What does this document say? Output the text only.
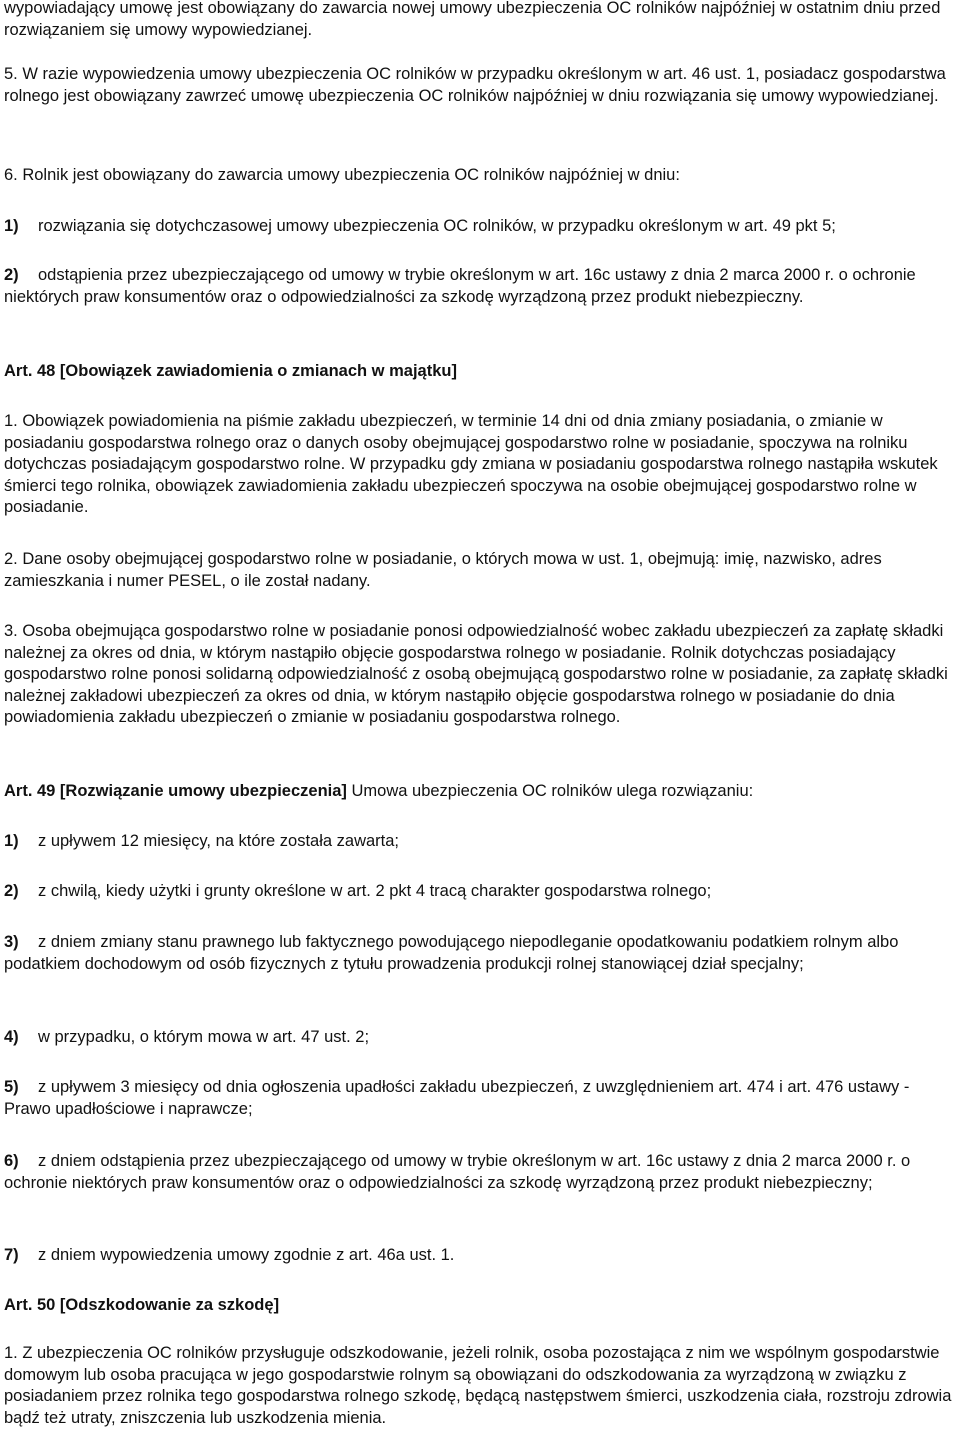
wypowiadający umowę jest obowiązany do zawarcia nowej umowy ubezpieczenia OC rolników najpóźniej w ostatnim dniu przed rozwiązaniem się umowy wypowiedzianej.

5. W razie wypowiedzenia umowy ubezpieczenia OC rolników w przypadku określonym w art. 46 ust. 1, posiadacz gospodarstwa rolnego jest obowiązany zawrzeć umowę ubezpieczenia OC rolników najpóźniej w dniu rozwiązania się umowy wypowiedzianej.

6. Rolnik jest obowiązany do zawarcia umowy ubezpieczenia OC rolników najpóźniej w dniu:

1) rozwiązania się dotychczasowej umowy ubezpieczenia OC rolników, w przypadku określonym w art. 49 pkt 5;

2) odstąpienia przez ubezpieczającego od umowy w trybie określonym w art. 16c ustawy z dnia 2 marca 2000 r. o ochronie niektórych praw konsumentów oraz o odpowiedzialności za szkodę wyrządzoną przez produkt niebezpieczny.

Art. 48 [Obowiązek zawiadomienia o zmianach w majątku]

1. Obowiązek powiadomienia na piśmie zakładu ubezpieczeń, w terminie 14 dni od dnia zmiany posiadania, o zmianie w posiadaniu gospodarstwa rolnego oraz o danych osoby obejmującej gospodarstwo rolne w posiadanie, spoczywa na rolniku dotychczas posiadającym gospodarstwo rolne. W przypadku gdy zmiana w posiadaniu gospodarstwa rolnego nastąpiła wskutek śmierci tego rolnika, obowiązek zawiadomienia zakładu ubezpieczeń spoczywa na osobie obejmującej gospodarstwo rolne w posiadanie.

2. Dane osoby obejmującej gospodarstwo rolne w posiadanie, o których mowa w ust. 1, obejmują: imię, nazwisko, adres zamieszkania i numer PESEL, o ile został nadany.

3. Osoba obejmująca gospodarstwo rolne w posiadanie ponosi odpowiedzialność wobec zakładu ubezpieczeń za zapłatę składki należnej za okres od dnia, w którym nastąpiło objęcie gospodarstwa rolnego w posiadanie. Rolnik dotychczas posiadający gospodarstwo rolne ponosi solidarną odpowiedzialność z osobą obejmującą gospodarstwo rolne w posiadanie, za zapłatę składki należnej zakładowi ubezpieczeń za okres od dnia, w którym nastąpiło objęcie gospodarstwa rolnego w posiadanie do dnia powiadomienia zakładu ubezpieczeń o zmianie w posiadaniu gospodarstwa rolnego.

Art. 49 [Rozwiązanie umowy ubezpieczenia] Umowa ubezpieczenia OC rolników ulega rozwiązaniu:

1) z upływem 12 miesięcy, na które została zawarta;

2) z chwilą, kiedy użytki i grunty określone w art. 2 pkt 4 tracą charakter gospodarstwa rolnego;

3) z dniem zmiany stanu prawnego lub faktycznego powodującego niepodleganie opodatkowaniu podatkiem rolnym albo podatkiem dochodowym od osób fizycznych z tytułu prowadzenia produkcji rolnej stanowiącej dział specjalny;

4) w przypadku, o którym mowa w art. 47 ust. 2;

5) z upływem 3 miesięcy od dnia ogłoszenia upadłości zakładu ubezpieczeń, z uwzględnieniem art. 474 i art. 476 ustawy - Prawo upadłościowe i naprawcze;

6) z dniem odstąpienia przez ubezpieczającego od umowy w trybie określonym w art. 16c ustawy z dnia 2 marca 2000 r. o ochronie niektórych praw konsumentów oraz o odpowiedzialności za szkodę wyrządzoną przez produkt niebezpieczny;

7) z dniem wypowiedzenia umowy zgodnie z art. 46a ust. 1.

Art. 50 [Odszkodowanie za szkodę]

1. Z ubezpieczenia OC rolników przysługuje odszkodowanie, jeżeli rolnik, osoba pozostająca z nim we wspólnym gospodarstwie domowym lub osoba pracująca w jego gospodarstwie rolnym są obowiązani do odszkodowania za wyrządzoną w związku z posiadaniem przez rolnika tego gospodarstwa rolnego szkodę, będącą następstwem śmierci, uszkodzenia ciała, rozstroju zdrowia bądź też utraty, zniszczenia lub uszkodzenia mienia.
